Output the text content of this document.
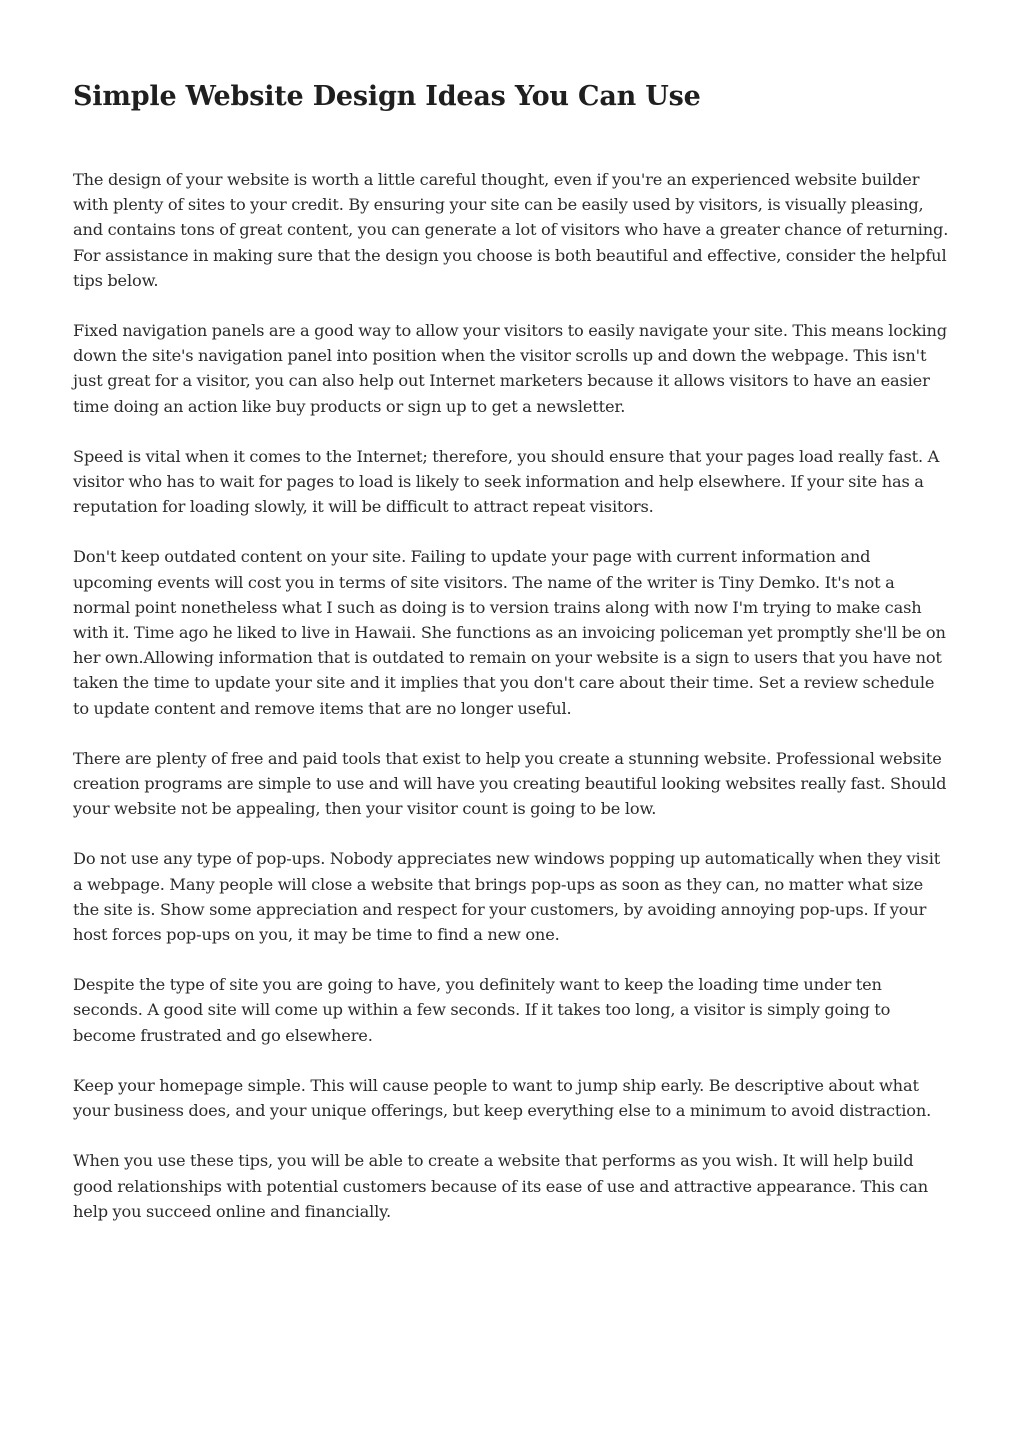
Simple Website Design Ideas You Can Use

The design of your website is worth a little careful thought, even if you're an experienced website builder with plenty of sites to your credit. By ensuring your site can be easily used by visitors, is visually pleasing, and contains tons of great content, you can generate a lot of visitors who have a greater chance of returning. For assistance in making sure that the design you choose is both beautiful and effective, consider the helpful tips below.

Fixed navigation panels are a good way to allow your visitors to easily navigate your site. This means locking down the site's navigation panel into position when the visitor scrolls up and down the webpage. This isn't just great for a visitor, you can also help out Internet marketers because it allows visitors to have an easier time doing an action like buy products or sign up to get a newsletter.

Speed is vital when it comes to the Internet; therefore, you should ensure that your pages load really fast. A visitor who has to wait for pages to load is likely to seek information and help elsewhere. If your site has a reputation for loading slowly, it will be difficult to attract repeat visitors.

Don't keep outdated content on your site. Failing to update your page with current information and upcoming events will cost you in terms of site visitors. The name of the writer is Tiny Demko. It's not a normal point nonetheless what I such as doing is to version trains along with now I'm trying to make cash with it. Time ago he liked to live in Hawaii. She functions as an invoicing policeman yet promptly she'll be on her own.Allowing information that is outdated to remain on your website is a sign to users that you have not taken the time to update your site and it implies that you don't care about their time. Set a review schedule to update content and remove items that are no longer useful.

There are plenty of free and paid tools that exist to help you create a stunning website. Professional website creation programs are simple to use and will have you creating beautiful looking websites really fast. Should your website not be appealing, then your visitor count is going to be low.

Do not use any type of pop-ups. Nobody appreciates new windows popping up automatically when they visit a webpage. Many people will close a website that brings pop-ups as soon as they can, no matter what size the site is. Show some appreciation and respect for your customers, by avoiding annoying pop-ups. If your host forces pop-ups on you, it may be time to find a new one.

Despite the type of site you are going to have, you definitely want to keep the loading time under ten seconds. A good site will come up within a few seconds. If it takes too long, a visitor is simply going to become frustrated and go elsewhere.

Keep your homepage simple. This will cause people to want to jump ship early. Be descriptive about what your business does, and your unique offerings, but keep everything else to a minimum to avoid distraction.

When you use these tips, you will be able to create a website that performs as you wish. It will help build good relationships with potential customers because of its ease of use and attractive appearance. This can help you succeed online and financially.
